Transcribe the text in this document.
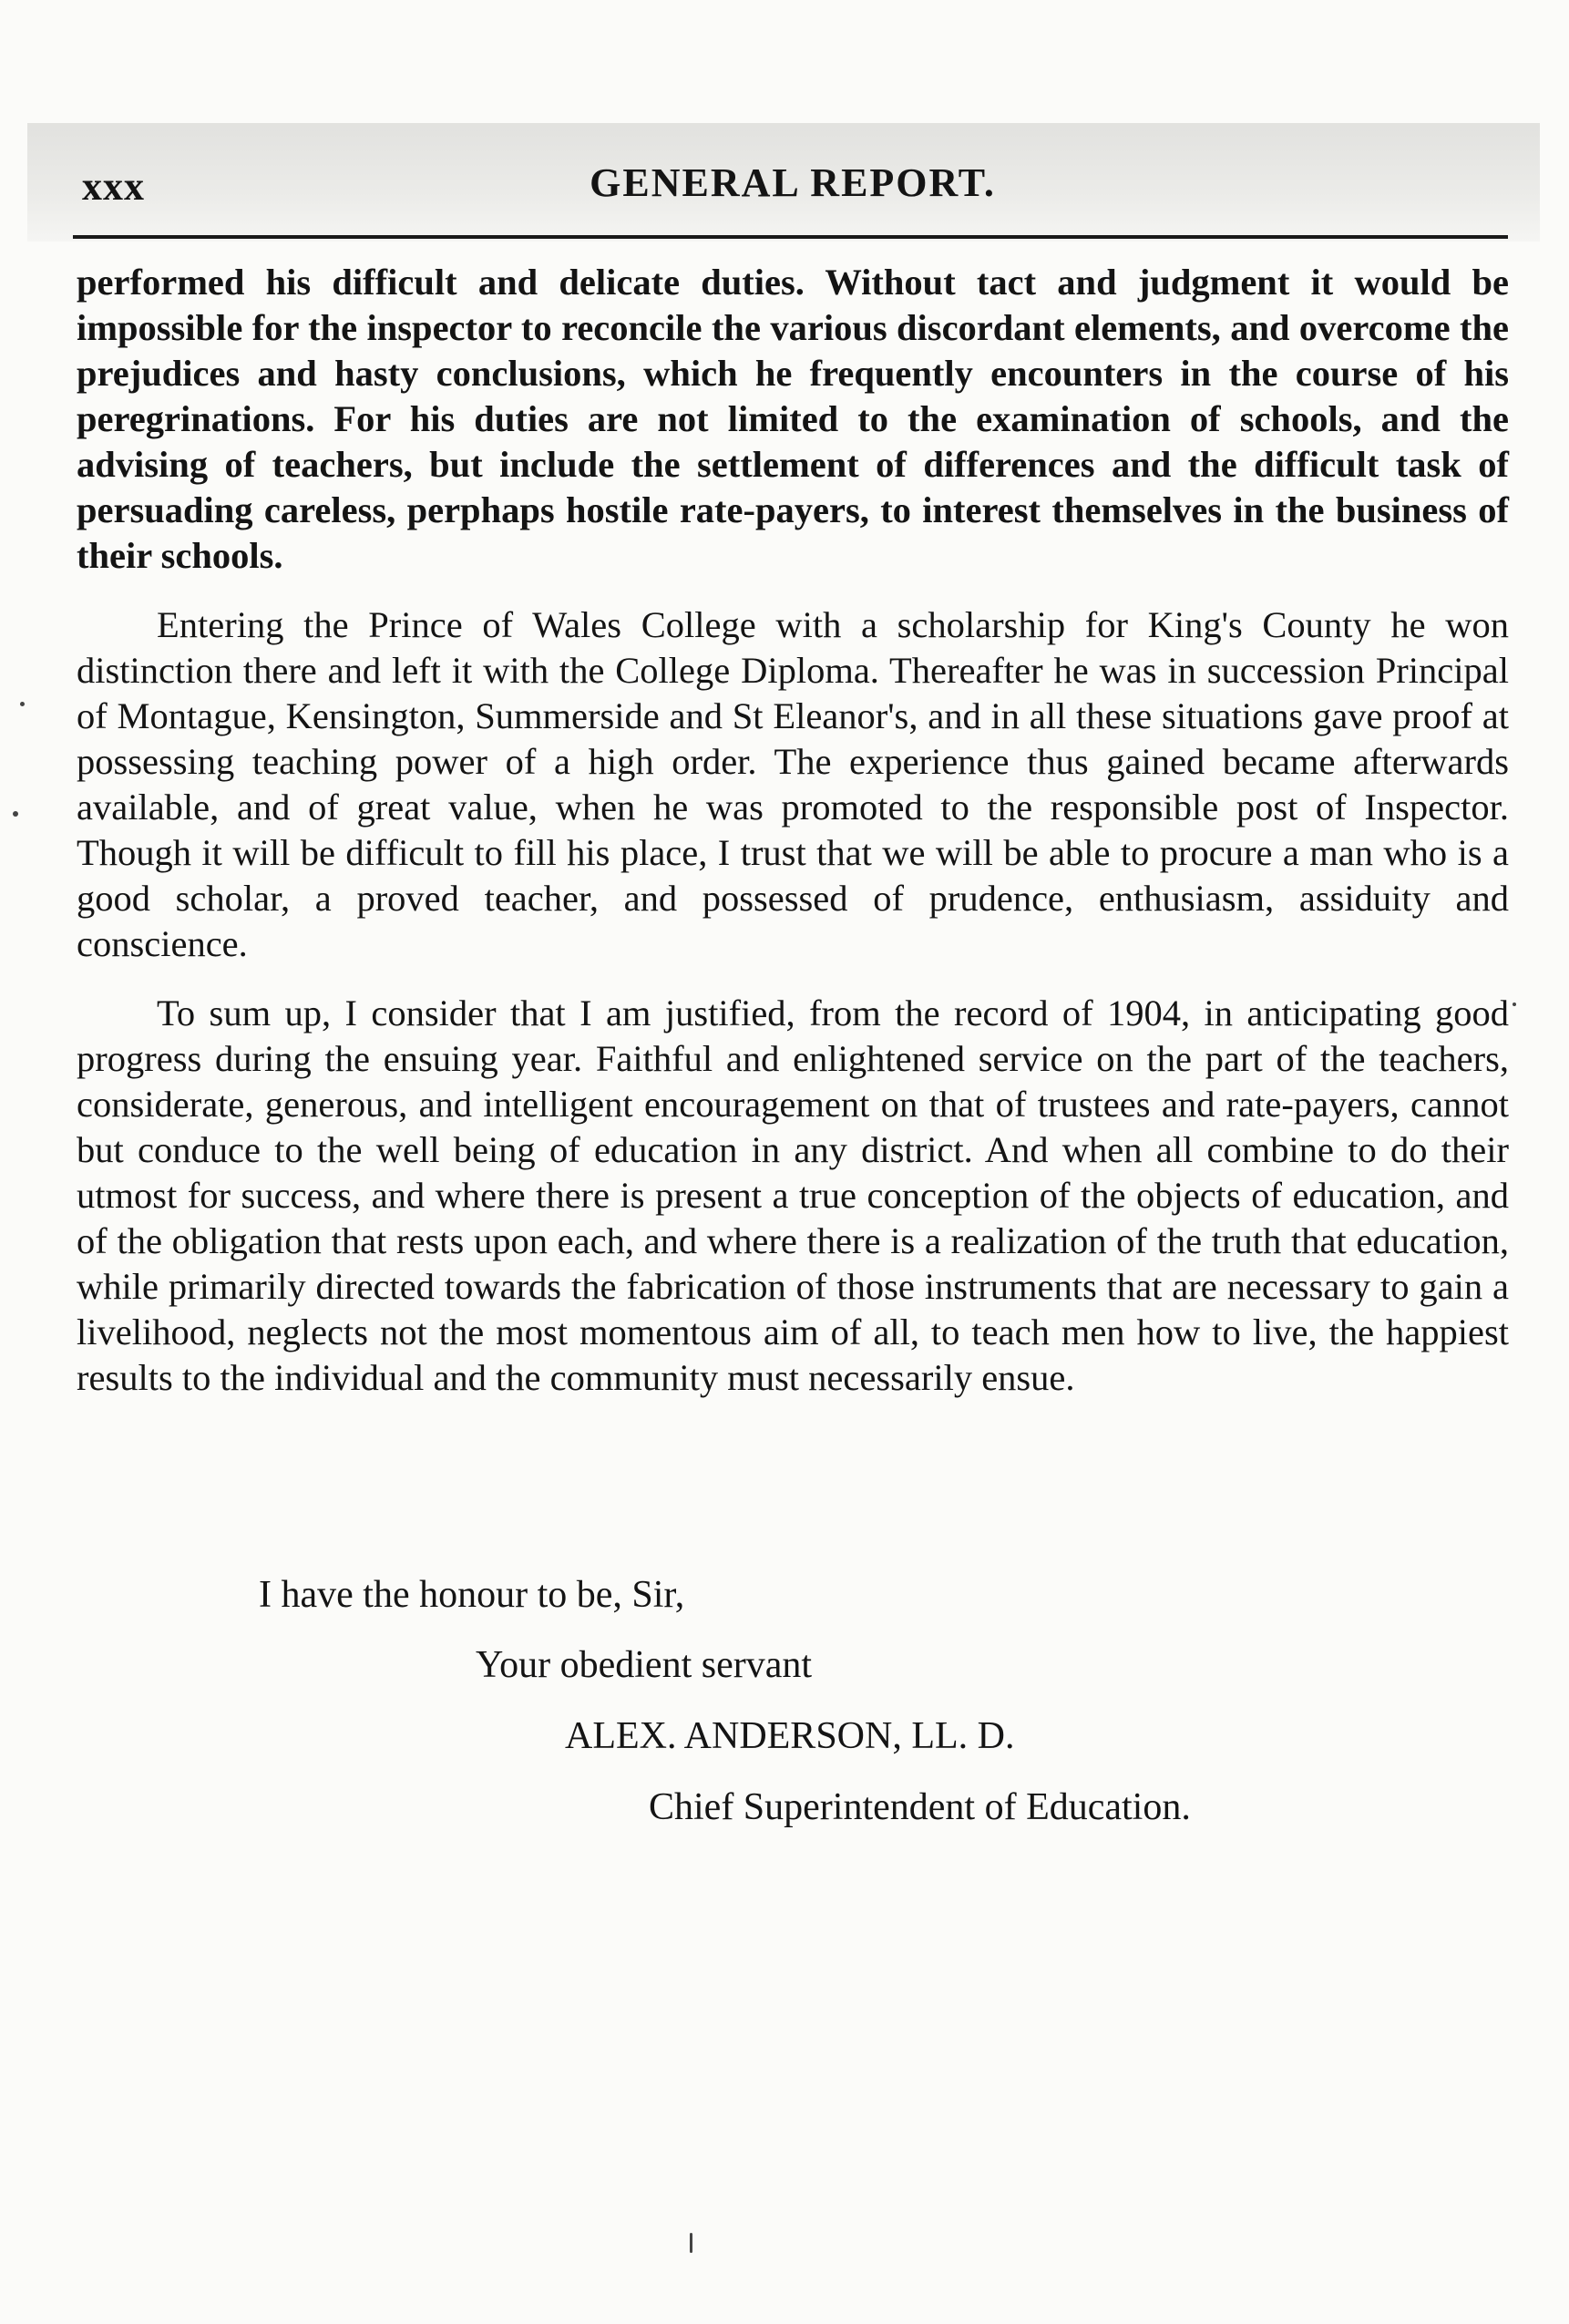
xxx	GENERAL REPORT.

performed his difficult and delicate duties. Without tact and judgment it would be impossible for the inspector to reconcile the various discordant elements, and overcome the prejudices and hasty conclusions, which he frequently encounters in the course of his peregrinations. For his duties are not limited to the examination of schools, and the advising of teachers, but include the settlement of differences and the difficult task of persuading careless, perphaps hostile rate-payers, to interest themselves in the business of their schools.

Entering the Prince of Wales College with a scholarship for King's County he won distinction there and left it with the College Diploma. Thereafter he was in succession Principal of Montague, Kensington, Summerside and St Eleanor's, and in all these situations gave proof at possessing teaching power of a high order. The experience thus gained became afterwards available, and of great value, when he was promoted to the responsible post of Inspector. Though it will be difficult to fill his place, I trust that we will be able to procure a man who is a good scholar, a proved teacher, and possessed of prudence, enthusiasm, assiduity and conscience.

To sum up, I consider that I am justified, from the record of 1904, in anticipating good progress during the ensuing year. Faithful and enlightened service on the part of the teachers, considerate, generous, and intelligent encouragement on that of trustees and rate-payers, cannot but conduce to the well being of education in any district. And when all combine to do their utmost for success, and where there is present a true conception of the objects of education, and of the obligation that rests upon each, and where there is a realization of the truth that education, while primarily directed towards the fabrication of those instruments that are necessary to gain a livelihood, neglects not the most momentous aim of all, to teach men how to live, the happiest results to the individual and the community must necessarily ensue.

I have the honour to be, Sir,
Your obedient servant
ALEX. ANDERSON, LL. D.
Chief Superintendent of Education.
